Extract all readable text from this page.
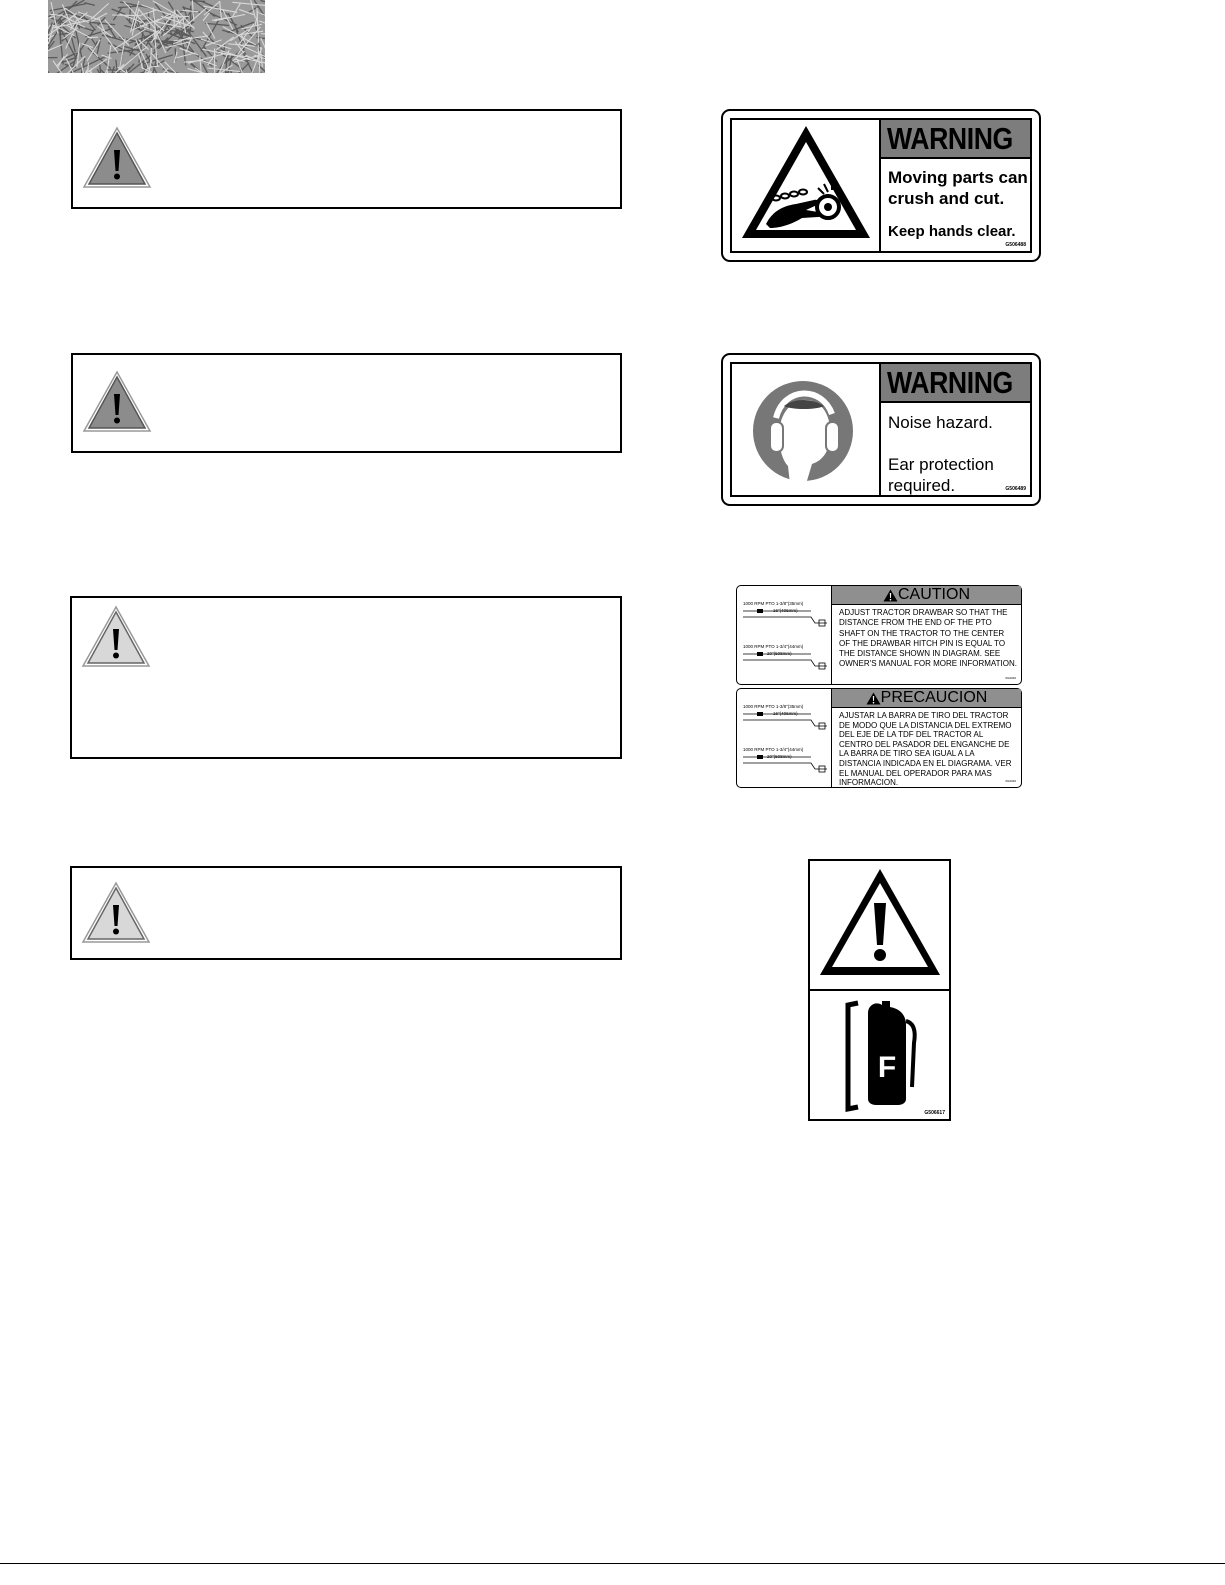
WARNING
Moving parts can
crush and cut.
Keep hands clear.
G506488
WARNING
Noise hazard.
Ear protection
required.	G506489
1000 RPM PTO 1-3/8"(35mm)
16"(406mm)
1000 RPM PTO 1-3/4"(44mm)
20"(508mm)
CAUTION
ADJUST TRACTOR DRAWBAR SO THAT THE DISTANCE FROM THE END OF THE PTO SHAFT ON THE TRACTOR TO THE CENTER OF THE DRAWBAR HITCH PIN IS EQUAL TO THE DISTANCE SHOWN IN DIAGRAM. SEE OWNER'S MANUAL FOR MORE INFORMATION.
6G0040
1000 RPM PTO 1-3/8"(35mm)
16"(406mm)
1000 RPM PTO 1-3/4"(44mm)
20"(508mm)
PRECAUCION
AJUSTAR LA BARRA DE TIRO DEL TRACTOR DE MODO QUE LA DISTANCIA DEL EXTREMO DEL EJE DE LA TDF DEL TRACTOR AL CENTRO DEL PASADOR DEL ENGANCHE DE LA BARRA DE TIRO SEA IGUAL A LA DISTANCIA INDICADA EN EL DIAGRAMA. VER EL MANUAL DEL OPERADOR PARA MAS INFORMACION.	6G0040
F
G506617
